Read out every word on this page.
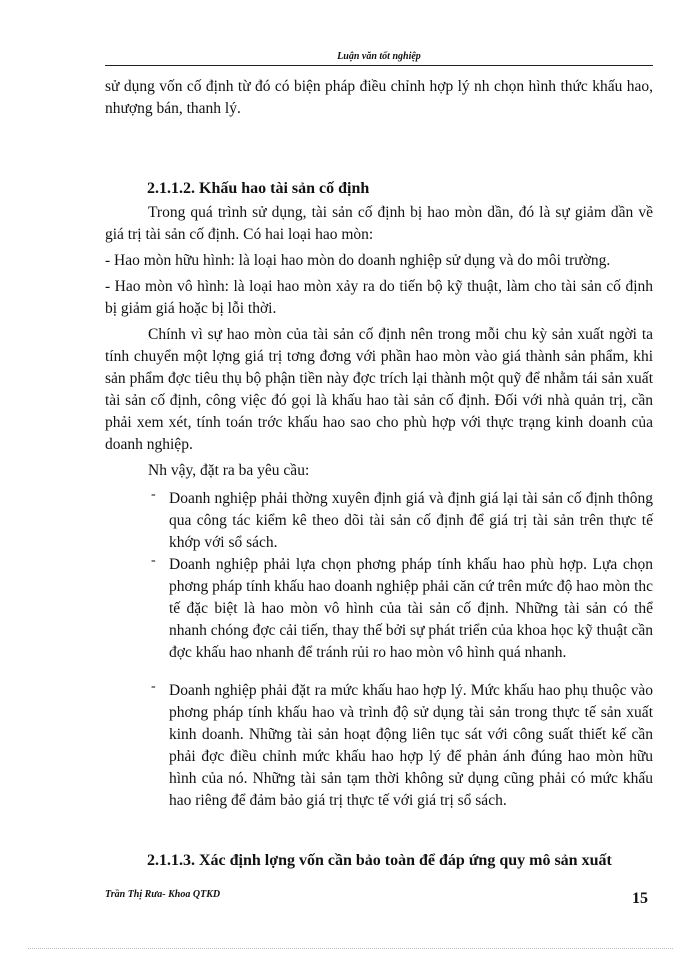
Luận văn tốt nghiệp

sử dụng vốn cố định từ đó có biện pháp điều chỉnh hợp lý nh chọn hình thức khấu hao, nhượng bán, thanh lý.

2.1.1.2. Khấu hao tài sản cố định

Trong quá trình sử dụng, tài sản cố định bị hao mòn dần, đó là sự giảm dần về giá trị tài sản cố định. Có hai loại hao mòn:

- Hao mòn hữu hình: là loại hao mòn do doanh nghiệp sử dụng và do môi trường.

- Hao mòn vô hình: là loại hao mòn xảy ra do tiến bộ kỹ thuật, làm cho tài sản cố định bị giảm giá hoặc bị lỗi thời.

Chính vì sự hao mòn của tài sản cố định nên trong mỗi chu kỳ sản xuất ngời ta tính chuyển một lợng giá trị tơng đơng với phần hao mòn vào giá thành sản phẩm, khi sản phẩm đợc tiêu thụ bộ phận tiền này đợc trích lại thành một quỹ để nhằm tái sản xuất tài sản cố định, công việc đó gọi là khấu hao tài sản cố định. Đối với nhà quản trị, cần phải xem xét, tính toán trớc khấu hao sao cho phù hợp với thực trạng kinh doanh của doanh nghiệp.

Nh vậy, đặt ra ba yêu cầu:

- Doanh nghiệp phải thờng xuyên định giá và định giá lại tài sản cố định thông qua công tác kiểm kê theo dõi tài sản cố định để giá trị tài sản trên thực tế khớp với sổ sách.
- Doanh nghiệp phải lựa chọn phơng pháp tính khấu hao phù hợp. Lựa chọn phơng pháp tính khấu hao doanh nghiệp phải căn cứ trên mức độ hao mòn thc tế đặc biệt là hao mòn vô hình của tài sản cố định. Những tài sản có thể nhanh chóng đợc cải tiến, thay thế bởi sự phát triển của khoa học kỹ thuật cần đợc khấu hao nhanh để tránh rủi ro hao mòn vô hình quá nhanh.
- Doanh nghiệp phải đặt ra mức khấu hao hợp lý. Mức khấu hao phụ thuộc vào phơng pháp tính khấu hao và trình độ sử dụng tài sản trong thực tế sản xuất kinh doanh. Những tài sản hoạt động liên tục sát với công suất thiết kế cần phải đợc điều chỉnh mức khấu hao hợp lý để phản ánh đúng hao mòn hữu hình của nó. Những tài sản tạm thời không sử dụng cũng phải có mức khấu hao riêng để đảm bảo giá trị thực tế với giá trị sổ sách.
2.1.1.3. Xác định lợng vốn cần bảo toàn để đáp ứng quy mô sản xuất
Trần Thị Rưa- Khoa QTKD	15
